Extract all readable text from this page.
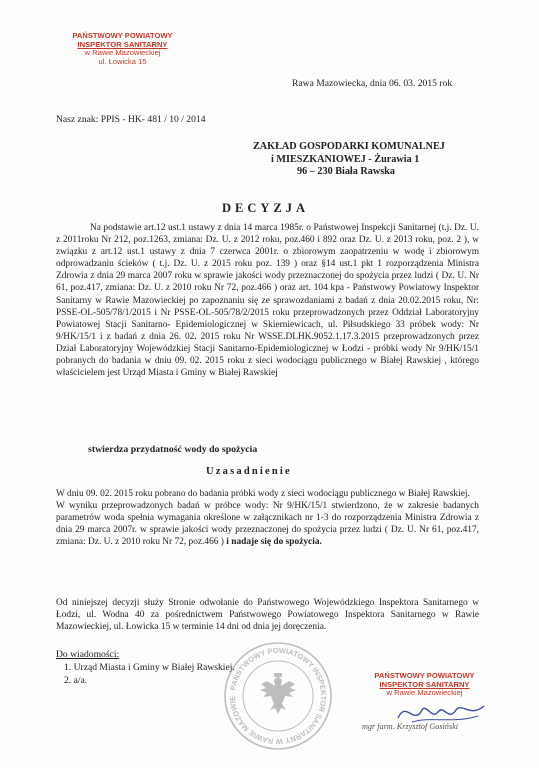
PAŃSTWOWY POWIATOWY
INSPEKTOR SANITARNY
w Rawie Mazowieckiej
ul. Łowicka 15
Rawa Mazowiecka, dnia 06. 03. 2015 rok
Nasz znak: PPIS - HK- 481 / 10 / 2014
ZAKŁAD GOSPODARKI KOMUNALNEJ
i MIESZKANIOWEJ - Żurawia 1
96 – 230 Biała Rawska
DECYZJA

Na podstawie art.12 ust.1 ustawy z dnia 14 marca 1985r. o Państwowej Inspekcji Sanitarnej (t.j. Dz. U. z 2011roku Nr 212, poz.1263, zmiana: Dz. U. z 2012 roku, poz.460 i 892 oraz Dz. U. z 2013 roku, poz. 2 ), w związku z art.12 ust.1 ustawy z dnia 7 czerwca 2001r. o zbiorowym zaopatrzeniu w wodę i zbiorowym odprowadzaniu ścieków ( t.j. Dz. U. z 2015 roku poz. 139 ) oraz §14 ust.1 pkt 1 rozporządzenia Ministra Zdrowia z dnia 29 marca 2007 roku w sprawie jakości wody przeznaczonej do spożycia przez ludzi ( Dz. U. Nr 61, poz.417, zmiana: Dz. U. z 2010 roku Nr 72, poz.466 ) oraz art. 104 kpa - Państwowy Powiatowy Inspektor Sanitarny w Rawie Mazowieckiej po zapoznaniu się ze sprawozdaniami z badań z dnia 20.02.2015 roku, Nr: PSSE-OL-505/78/1/2015 i Nr PSSE-OL-505/78/2/2015 roku przeprowadzonych przez Oddział Laboratoryjny Powiatowej Stacji Sanitarno- Epidemiologicznej w Skierniewicach, ul. Piłsudskiego 33 próbek wody: Nr 9/HK/15/1 i z badań z dnia 26. 02. 2015 roku Nr WSSE.DLHK.9052.1.17.3.2015 przeprowadzonych przez Dział Laboratoryjny Wojewódzkiej Stacji Sanitarno-Epidemiologicznej w Łodzi - próbki wody Nr 9/HK/15/1 pobranych do badania w dniu 09. 02. 2015 roku z sieci wodociągu publicznego w Białej Rawskiej , którego właścicielem jest Urząd Miasta i Gminy w Białej Rawskiej

stwierdza przydatność wody do spożycia
Uzasadnienie

W dniu 09. 02. 2015 roku pobrano do badania próbki wody z sieci wodociągu publicznego w Białej Rawskiej.

W wyniku przeprowadzonych badań w próbce wody: Nr 9/HK/15/1 stwierdzono, że w zakresie badanych parametrów woda spełnia wymagania określone w załącznikach nr 1-3 do rozporządzenia Ministra Zdrowia z dnia 29 marca 2007r. w sprawie jakości wody przeznaczonej do spożycia przez ludzi ( Dz. U. Nr 61, poz.417, zmiana: Dz. U. z 2010 roku Nr 72, poz.466 ) i nadaje się do spożycia.

Od niniejszej decyzji służy Stronie odwołanie do Państwowego Wojewódzkiego Inspektora Sanitarnego w Łodzi, ul. Wodna 40 za pośrednictwem Państwowego Powiatowego Inspektora Sanitarnego w Rawie Mazowieckiej, ul. Łowicka 15 w terminie 14 dni od dnia jej doręczenia.

Do wiadomości:
1. Urząd Miasta i Gminy w Białej Rawskiej.
2. a/a.
PAŃSTWOWY POWIATOWY INSPEKTOR SANITARNY W RAWIE MAZOWIE
PAŃSTWOWY POWIATOWY
INSPEKTOR SANITARNY
w Rawie Mazowieckiej
mgr farm. Krzysztof Gosiński
